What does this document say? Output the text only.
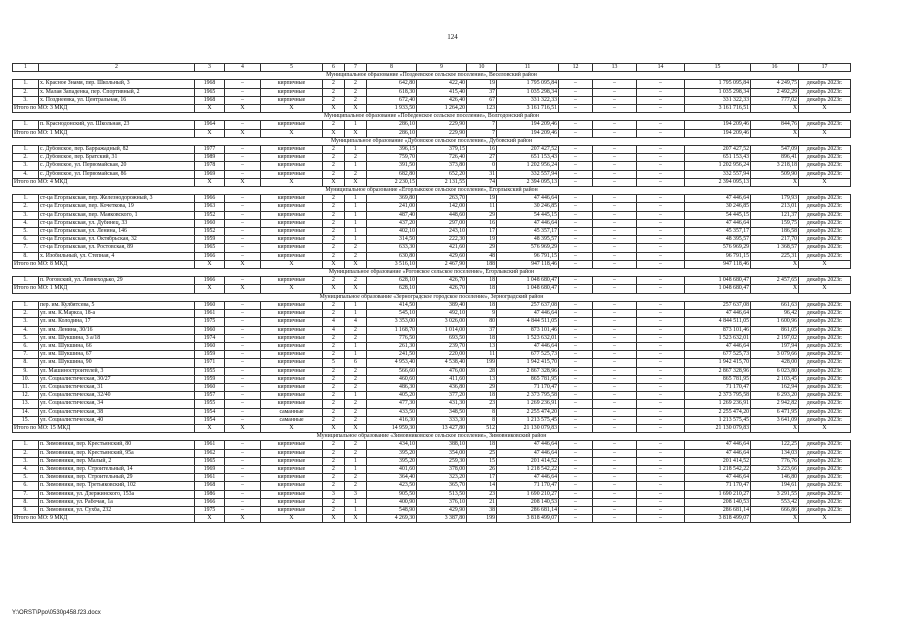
124
1	2	3	4	5	6	7	8	9	10	11	12	13	14	15	16	17
Муниципальное образование «Поздеевское сельское поселение», Веселовский район																
1.	х. Красное Знамя, пер. Школьный, 3	1968	–	кирпичные	2	2	642,80	422,40	19	1 795 095,84	–	–	–	1 795 095,84	4 249,75	декабрь 2023г.
2.	х. Малая Западенка, пер. Спортивный, 2	1965	–	кирпичные	2	2	618,30	415,40	37	1 035 298,34	–	–	–	1 035 298,34	2 492,29	декабрь 2023г.
3.	х. Позднеевка, ул. Центральная, 16	1968	–	кирпичные	2	2	672,40	426,40	67	331 322,33	–	–	–	331 322,33	777,02	декабрь 2023г.
Итого по МО: 3 МКД		X	X	X	X	X	1 933,50	1 264,20	123	3 161 716,51	–	–	–	3 161 716,51	X	X
Муниципальное образование «Победенское сельское поселение», Волгодонский район																
1.	п. Краснодонский, ул. Школьная, 23	1964	–	кирпичные	2	1	286,10	229,90	7	194 209,46	–	–	–	194 209,46	844,76	декабрь 2023г.
Итого по МО: 1 МКД		X	X	X	X	X	286,10	229,90	7	194 209,46	–	–	–	194 209,46	X	X
Муниципальное образование «Дубовское сельское поселение», Дубовский район																
1.	с. Дубовское, пер. Барражадный, 82	1977	–	кирпичные	2	1	396,15	379,15	16	207 427,52	–	–	–	207 427,52	547,09	декабрь 2023г.
2.	с. Дубовское, пер. Братский, 31	1989	–	кирпичные	2	2	759,70	726,40	27	651 153,43	–	–	–	651 153,43	896,41	декабрь 2023г.
3.	с. Дубовское, ул. Первомайская, 20	1978	–	кирпичные	2	1	391,50	373,80	0	1 202 956,24	–	–	–	1 202 956,24	3 218,18	декабрь 2023г.
4.	с. Дубовское, ул. Первомайская, 86	1969	–	кирпичные	2	2	682,80	652,20	31	332 557,94	–	–	–	332 557,94	509,90	декабрь 2023г.
Итого по МО: 4 МКД		X	X	X	X	X	2 230,15	2 131,55	74	2 394 095,13	–	–	–	2 394 095,13	X	X
Муниципальное образование «Егорлыкское сельское поселение», Егорлыкский район																
1.	ст-ца Егорлыкская, пер. Железнодорожный, 3	1966	–	кирпичные	2	1	369,80	263,70	19	47 446,64	–	–	–	47 446,64	179,93	декабрь 2023г.
2.	ст-ца Егорлыкская, пер. Кочеткова, 19	1963	–	кирпичные	2	1	241,00	142,00	11	30 246,85	–	–	–	30 246,85	213,01	декабрь 2023г.
3.	ст-ца Егорлыкская, пер. Маяковского, 1	1952	–	кирпичные	2	1	487,40	448,60	29	54 445,15	–	–	–	54 445,15	121,37	декабрь 2023г.
4.	ст-ца Егорлыкская, ул. Дубинец, 33	1960	–	кирпичные	2	1	437,20	297,00	16	47 446,64	–	–	–	47 446,64	159,75	декабрь 2023г.
5.	ст-ца Егорлыкская, ул. Ленина, 146	1952	–	кирпичные	2	1	402,10	243,10	17	45 357,17	–	–	–	45 357,17	186,58	декабрь 2023г.
6.	ст-ца Егорлыкская, ул. Октябрьская, 32	1959	–	кирпичные	2	1	314,50	222,30	19	48 395,57	–	–	–	48 395,57	217,70	декабрь 2023г.
7.	ст-ца Егорлыкская, ул. Ростовская, 89	1965	–	кирпичные	2	2	633,30	421,60	29	576 969,29	–	–	–	576 969,29	1 368,57	декабрь 2023г.
8.	х. Изобильный, ул. Степная, 4	1966	–	кирпичные	2	2	630,80	429,60	48	96 791,15	–	–	–	96 791,15	225,31	декабрь 2023г.
Итого по МО: 8 МКД		X	X	X	X	X	3 516,10	2 467,90	188	947 118,46	–	–	–	947 118,46	X	X
Муниципальное образование «Роговское сельское поселение», Егорлыкский район																
1.	п. Роговский, ул. Левнеходько, 29	1966	–	кирпичные	2	2	628,10	426,70	18	1 048 680,47	–	–	–	1 048 680,47	2 457,65	декабрь 2023г.
Итого по МО: 1 МКД		X	X	X	X	X	628,10	426,70	18	1 048 680,47	–	–	–	1 048 680,47	X	X
Муниципальное образование «Зерноградское городское поселение», Зерноградский район																
1.	пер. им. Кулбятсева, 5	1960	–	кирпичные	2	1	414,50	389,40	18	257 637,08	–	–	–	257 637,08	661,63	декабрь 2023г.
2.	ул. им. К.Маркса, 18-а	1961	–	кирпичные	2	1	545,10	492,10	9	47 446,64	–	–	–	47 446,64	96,42	декабрь 2023г.
3.	ул. им. Колодина, 17	1975	–	кирпичные	4	4	3 353,00	3 026,00	80	4 844 511,05	–	–	–	4 844 511,05	1 600,96	декабрь 2023г.
4.	ул. им. Ленина, 30/16	1960	–	кирпичные	4	2	1 168,70	1 014,00	37	873 101,46	–	–	–	873 101,46	861,05	декабрь 2023г.
5.	ул. им. Шукшина, 3 а/18	1974	–	кирпичные	2	2	776,50	693,50	18	1 523 632,01	–	–	–	1 523 632,01	2 197,02	декабрь 2023г.
6.	ул. им. Шукшина, 66	1960	–	кирпичные	2	1	261,30	239,70	13	47 446,64	–	–	–	47 446,64	197,94	декабрь 2023г.
7.	ул. им. Шукшина, 67	1959	–	кирпичные	2	1	241,50	220,00	11	677 525,73	–	–	–	677 525,73	3 079,66	декабрь 2023г.
8.	ул. им. Шукшина, 90	1971	–	кирпичные	5	6	4 953,40	4 538,40	199	1 942 415,70	–	–	–	1 942 415,70	428,00	декабрь 2023г.
9.	ул. Машиностроителей, 3	1955	–	кирпичные	2	2	566,60	476,00	28	2 867 328,96	–	–	–	2 867 328,96	6 023,80	декабрь 2023г.
10.	ул. Социалистическая, 30/27	1959	–	кирпичные	2	2	460,60	411,60	13	865 781,95	–	–	–	865 781,95	2 103,45	декабрь 2023г.
11.	ул. Социалистическая, 31	1960	–	кирпичные	2	2	486,30	436,80	29	71 170,47	–	–	–	71 170,47	162,94	декабрь 2023г.
12.	ул. Социалистическая, 32/40	1957	–	кирпичные	2	1	405,20	377,20	18	2 373 795,58	–	–	–	2 373 795,58	6 293,20	декабрь 2023г.
13.	ул. Социалистическая, 34	1955	–	кирпичные	2	2	477,30	431,30	23	1 269 236,91	–	–	–	1 269 236,91	2 942,82	декабрь 2023г.
14.	ул. Социалистическая, 38	1954	–	саманные	2	2	433,50	348,50	8	2 255 474,20	–	–	–	2 255 474,20	6 471,95	декабрь 2023г.
15.	ул. Социалистическая, 40	1954	–	саманные	2	2	416,30	333,30	8	1 213 575,45	–	–	–	1 213 575,45	3 641,09	декабрь 2023г.
Итого по МО: 15 МКД		X	X	X	X	X	14 959,30	13 427,80	512	21 130 079,83	–	–	–	21 130 079,83	X	X
Муниципальное образование «Зимовниковское сельское поселение», Зимовниковский район																
1.	п. Зимовники, пер. Крестьянский, 80	1961	–	кирпичные	2	2	434,10	388,10	18	47 446,64	–	–	–	47 446,64	122,25	декабрь 2023г.
2.	п. Зимовники, пер. Крестьянский, 95а	1962	–	кирпичные	2	2	395,20	354,00	25	47 446,64	–	–	–	47 446,64	134,03	декабрь 2023г.
3.	п. Зимовники, пер. Малый, 2	1965	–	кирпичные	2	1	395,20	259,30	15	201 414,52	–	–	–	201 414,52	776,76	декабрь 2023г.
4.	п. Зимовники, пер. Строительный, 14	1969	–	кирпичные	2	1	401,60	378,00	26	1 218 542,22	–	–	–	1 218 542,22	3 223,66	декабрь 2023г.
5.	п. Зимовники, пер. Строительный, 29	1961	–	кирпичные	2	2	364,40	323,20	17	47 446,64	–	–	–	47 446,64	146,80	декабрь 2023г.
6.	п. Зимовники, пер. Третьяковский, 102	1968	–	кирпичные	2	2	423,50	365,70	14	71 170,47	–	–	–	71 170,47	194,61	декабрь 2023г.
7.	п. Зимовники, ул. Дзержинского, 153а	1986	–	кирпичные	3	3	905,50	513,50	23	1 690 210,27	–	–	–	1 690 210,27	3 291,55	декабрь 2023г.
8.	п. Зимовники, ул. Рабочая, 1а	1966	–	кирпичные	2	1	400,90	376,10	21	208 140,53	–	–	–	208 140,53	553,42	декабрь 2023г.
9.	п. Зимовники, ул. Сухба, 232	1975	–	кирпичные	2	1	548,90	429,90	38	286 681,14	–	–	–	286 681,14	666,86	декабрь 2023г.
Итого по МО: 9 МКД		X	X	X	X	X	4 269,30	3 387,80	199	3 818 499,07	–	–	–	3 818 499,07	X	X
Y:\ORST\Ppo\0530p458.f23.docx
